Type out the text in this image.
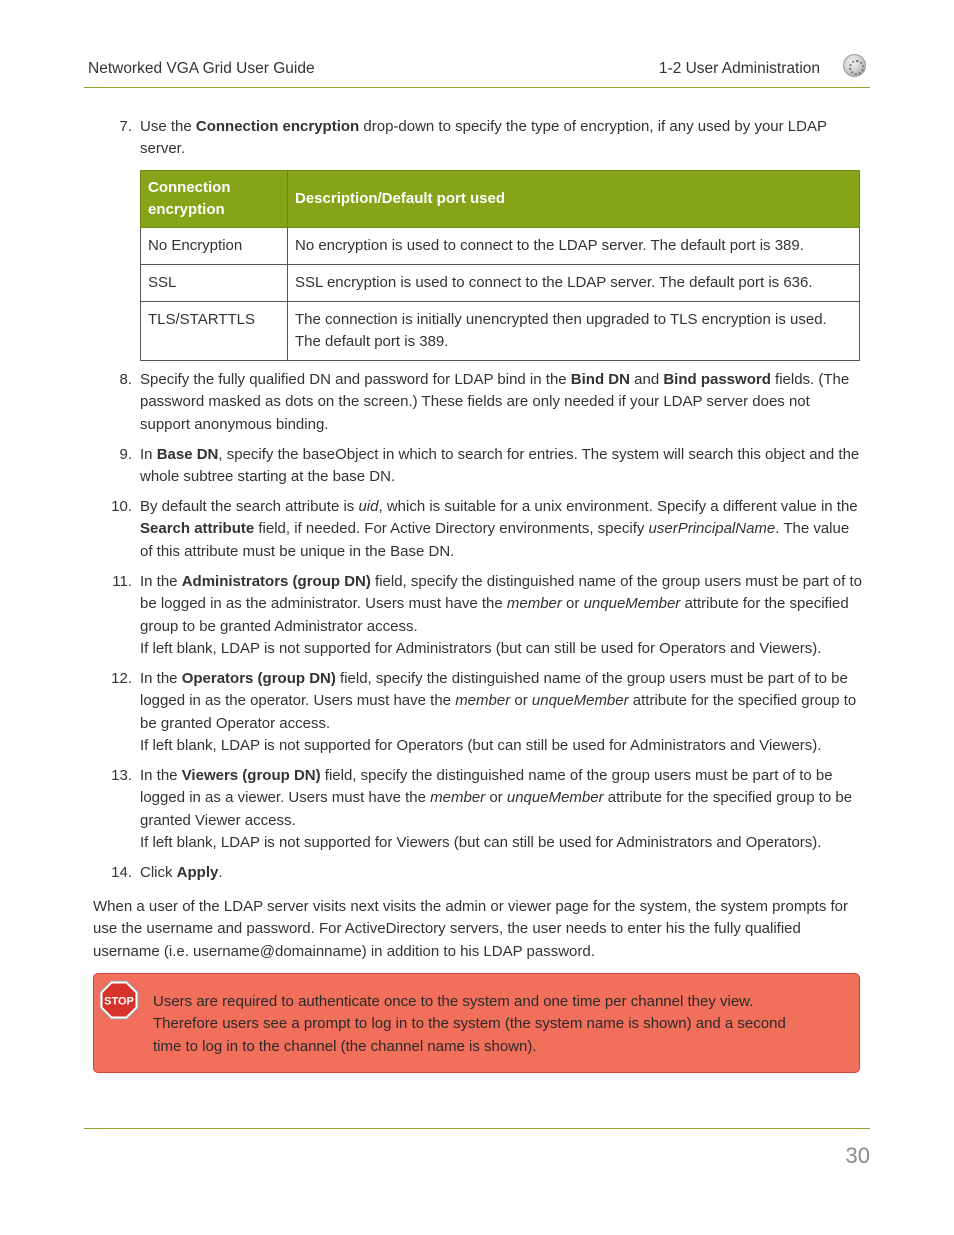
Networked VGA Grid User Guide	1-2 User Administration
7. Use the Connection encryption drop-down to specify the type of encryption, if any used by your LDAP server.
Connection encryption	Description/Default port used
No Encryption	No encryption is used to connect to the LDAP server. The default port is 389.
SSL	SSL encryption is used to connect to the LDAP server. The default port is 636.
TLS/STARTTLS	The connection is initially unencrypted then upgraded to TLS encryption is used. The default port is 389.
8. Specify the fully qualified DN and password for LDAP bind in the Bind DN and Bind password fields. (The password masked as dots on the screen.) These fields are only needed if your LDAP server does not support anonymous binding.
9. In Base DN, specify the baseObject in which to search for entries. The system will search this object and the whole subtree starting at the base DN.
10. By default the search attribute is uid, which is suitable for a unix environment. Specify a different value in the Search attribute field, if needed. For Active Directory environments, specify userPrincipalName. The value of this attribute must be unique in the Base DN.
11. In the Administrators (group DN) field, specify the distinguished name of the group users must be part of to be logged in as the administrator. Users must have the member or unqueMember attribute for the specified group to be granted Administrator access.
If left blank, LDAP is not supported for Administrators (but can still be used for Operators and Viewers).
12. In the Operators (group DN) field, specify the distinguished name of the group users must be part of to be logged in as the operator. Users must have the member or unqueMember attribute for the specified group to be granted Operator access.
If left blank, LDAP is not supported for Operators (but can still be used for Administrators and Viewers).
13. In the Viewers (group DN) field, specify the distinguished name of the group users must be part of to be logged in as a viewer. Users must have the member or unqueMember attribute for the specified group to be granted Viewer access.
If left blank, LDAP is not supported for Viewers (but can still be used for Administrators and Operators).
14. Click Apply.
When a user of the LDAP server visits next visits the admin or viewer page for the system, the system prompts for use the username and password. For ActiveDirectory servers, the user needs to enter his the fully qualified username (i.e. username@domainname) in addition to his LDAP password.
STOP Users are required to authenticate once to the system and one time per channel they view.
Therefore users see a prompt to log in to the system (the system name is shown) and a second
time to log in to the channel (the channel name is shown).
30
